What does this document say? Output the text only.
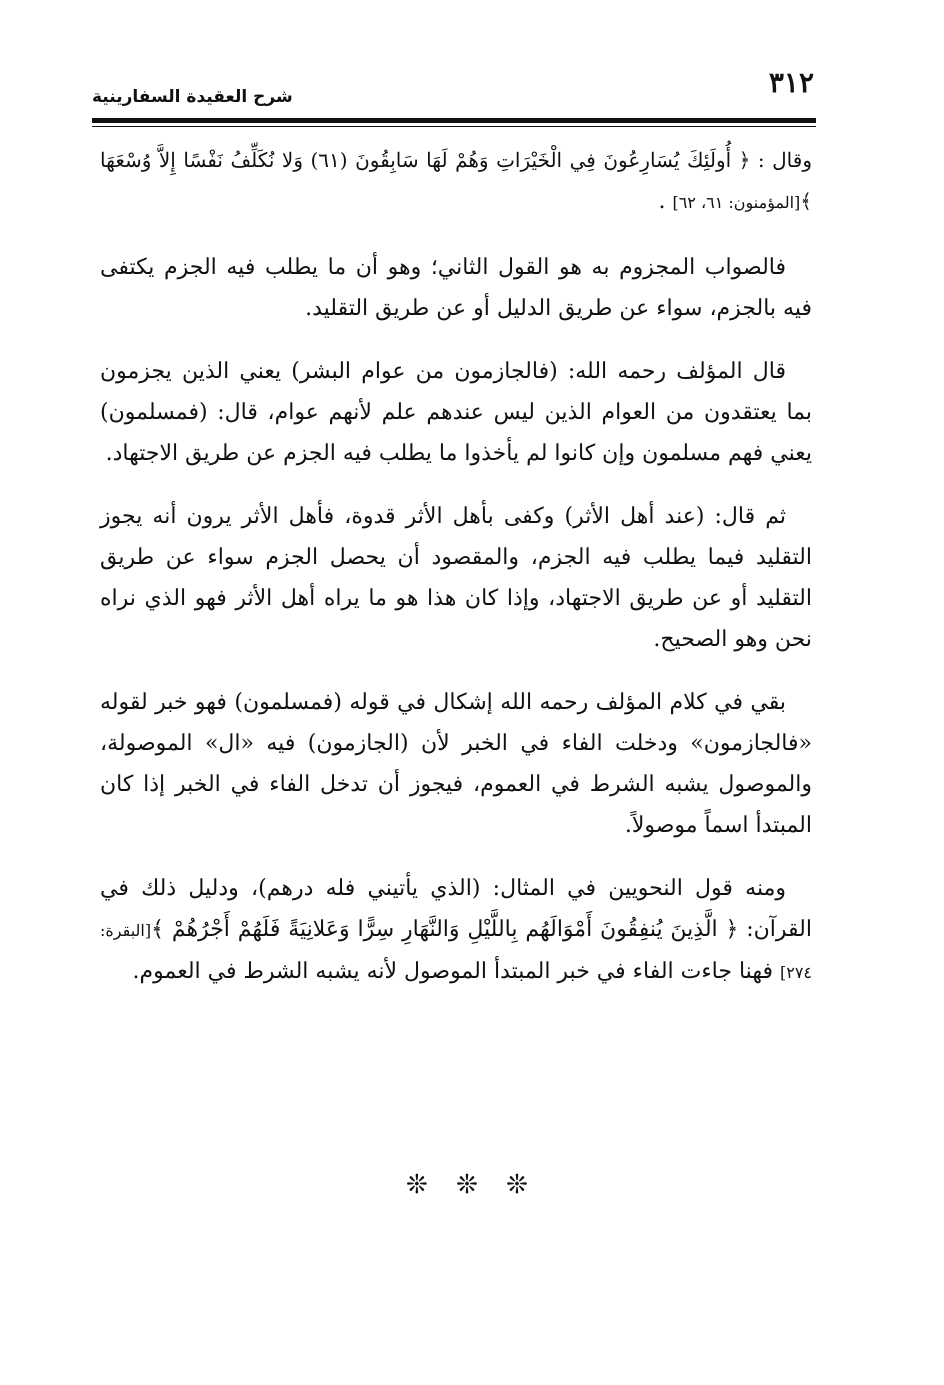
٣١٢
شرح العقيدة السفارينية

وقال : ﴿ أُولَئِكَ يُسَارِعُونَ فِي الْخَيْرَاتِ وَهُمْ لَهَا سَابِقُونَ (٦١) وَلا نُكَلِّفُ نَفْسًا إِلاَّ وُسْعَهَا ﴾[المؤمنون: ٦١، ٦٢] .

فالصواب المجزوم به هو القول الثاني؛ وهو أن ما يطلب فيه الجزم يكتفى فيه بالجزم، سواء عن طريق الدليل أو عن طريق التقليد.

قال المؤلف رحمه الله: (فالجازمون من عوام البشر) يعني الذين يجزمون بما يعتقدون من العوام الذين ليس عندهم علم لأنهم عوام، قال: (فمسلمون) يعني فهم مسلمون وإن كانوا لم يأخذوا ما يطلب فيه الجزم عن طريق الاجتهاد.

ثم قال: (عند أهل الأثر) وكفى بأهل الأثر قدوة، فأهل الأثر يرون أنه يجوز التقليد فيما يطلب فيه الجزم، والمقصود أن يحصل الجزم سواء عن طريق التقليد أو عن طريق الاجتهاد، وإذا كان هذا هو ما يراه أهل الأثر فهو الذي نراه نحن وهو الصحيح.

بقي في كلام المؤلف رحمه الله إشكال في قوله (فمسلمون) فهو خبر لقوله «فالجازمون» ودخلت الفاء في الخبر لأن (الجازمون) فيه «ال» الموصولة، والموصول يشبه الشرط في العموم، فيجوز أن تدخل الفاء في الخبر إذا كان المبتدأ اسماً موصولاً.

ومنه قول النحويين في المثال: (الذي يأتيني فله درهم)، ودليل ذلك في القرآن: ﴿ الَّذِينَ يُنفِقُونَ أَمْوَالَهُم بِاللَّيْلِ وَالنَّهَارِ سِرًّا وَعَلانِيَةً فَلَهُمْ أَجْرُهُمْ ﴾[البقرة: ٢٧٤] فهنا جاءت الفاء في خبر المبتدأ الموصول لأنه يشبه الشرط في العموم.

❊ ❊ ❊
